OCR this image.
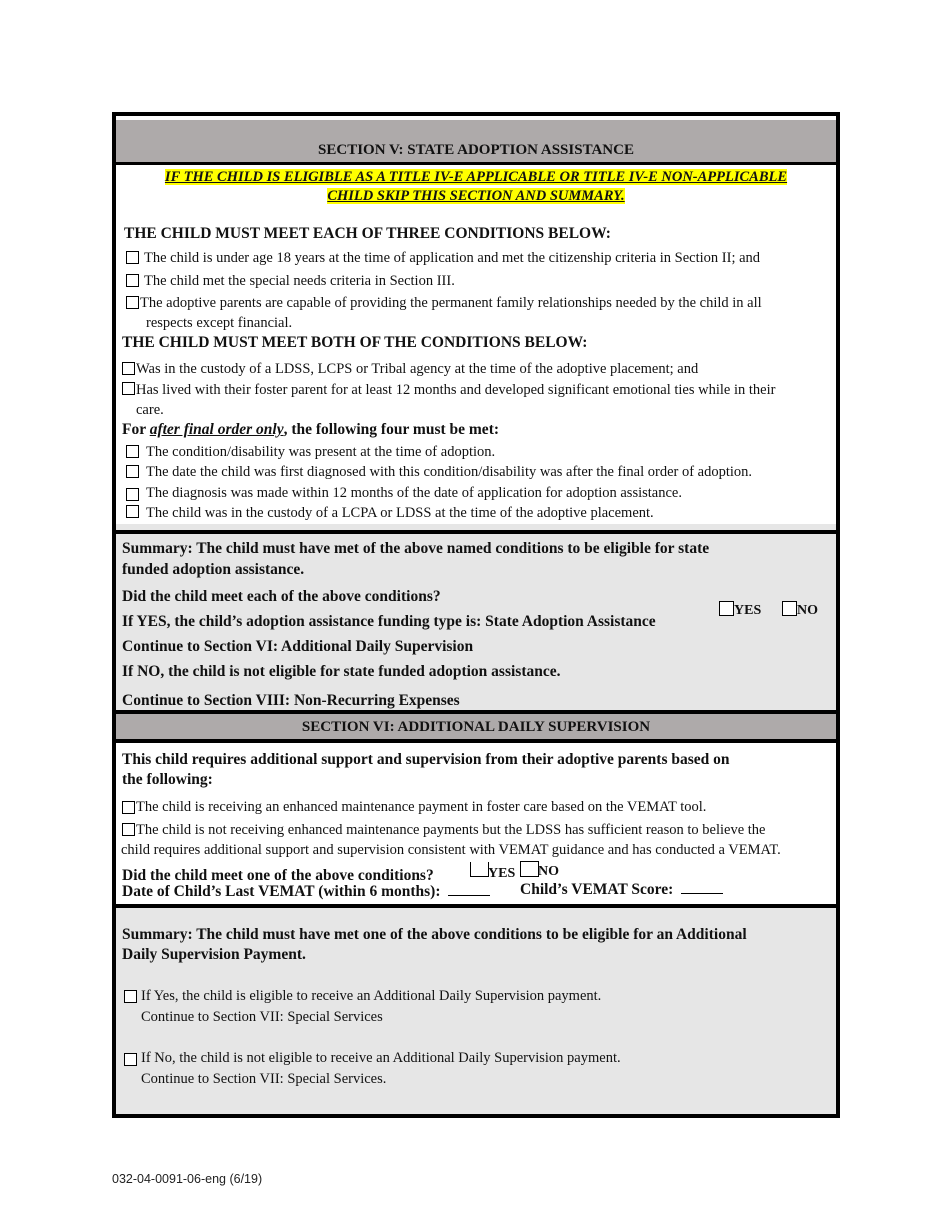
SECTION V: STATE ADOPTION ASSISTANCE
IF THE CHILD IS ELIGIBLE AS A TITLE IV-E APPLICABLE OR TITLE IV-E NON-APPLICABLE
CHILD SKIP THIS SECTION AND SUMMARY.
THE CHILD MUST MEET EACH OF THREE CONDITIONS BELOW:
The child is under age 18 years at the time of application and met the citizenship criteria in Section II; and
The child met the special needs criteria in Section III.
The adoptive parents are capable of providing the permanent family relationships needed by the child in all
respects except financial.
THE CHILD MUST MEET BOTH OF THE CONDITIONS BELOW:
Was in the custody of a LDSS, LCPS or Tribal agency at the time of the adoptive placement; and
Has lived with their foster parent for at least 12 months and developed significant emotional ties while in their
care.
For after final order only, the following four must be met:
The condition/disability was present at the time of adoption.
The date the child was first diagnosed with this condition/disability was after the final order of adoption.
The diagnosis was made within 12 months of the date of application for adoption assistance.
The child was in the custody of a LCPA or LDSS at the time of the adoptive placement.
Summary: The child must have met of the above named conditions to be eligible for state
funded adoption assistance.
Did the child meet each of the above conditions?
YES	NO
If YES, the child’s adoption assistance funding type is: State Adoption Assistance
Continue to Section VI: Additional Daily Supervision
If NO, the child is not eligible for state funded adoption assistance.
Continue to Section VIII: Non-Recurring Expenses
SECTION VI: ADDITIONAL DAILY SUPERVISION
This child requires additional support and supervision from their adoptive parents based on
the following:
The child is receiving an enhanced maintenance payment in foster care based on the VEMAT tool.
The child is not receiving enhanced maintenance payments but the LDSS has sufficient reason to believe the
child requires additional support and supervision consistent with VEMAT guidance and has conducted a VEMAT.
Did the child meet one of the above conditions?	YES NO
Date of Child’s Last VEMAT (within 6 months):	Child’s VEMAT Score:
Summary: The child must have met one of the above conditions to be eligible for an Additional
Daily Supervision Payment.
If Yes, the child is eligible to receive an Additional Daily Supervision payment.
Continue to Section VII: Special Services
If No, the child is not eligible to receive an Additional Daily Supervision payment.
Continue to Section VII: Special Services.
032-04-0091-06-eng (6/19)
